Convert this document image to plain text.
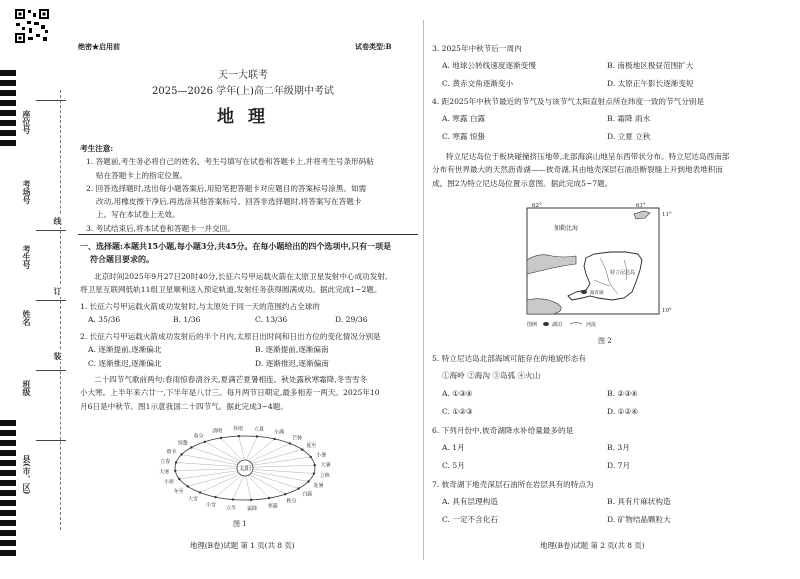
座位号
考场号
考生号
姓名
班级
县(市、区)
线
订
装
绝密★启用前	试卷类型:B
天一大联考
2025—2026 学年(上)高二年级期中考试
地 理
考生注意:
1. 答题前,考生务必将自己的姓名、考生号填写在试卷和答题卡上,并将考生号条形码粘
贴在答题卡上的指定位置。
2. 回答选择题时,选出每小题答案后,用铅笔把答题卡对应题目的答案标号涂黑。如需
改动,用橡皮擦干净后,再选涂其他答案标号。回答非选择题时,将答案写在答题卡
上。写在本试卷上无效。
3. 考试结束后,将本试卷和答题卡一并交回。
一、选择题:本题共15小题,每小题3分,共45分。在每小题给出的四个选项中,只有一项是
符合题目要求的。
北京时间2025年9月27日20时40分,长征六号甲运载火箭在太原卫星发射中心成功发射,
将卫星互联网低轨11组卫星顺利送入预定轨道,发射任务获得圆满成功。据此完成1~2题。
1. 长征六号甲运载火箭成功发射时,与太原处于同一天的范围约占全球的
A. 35/36	B. 1/36	C. 13/36	D. 29/36
2. 长征六号甲运载火箭成功发射后的半个月内,太原日出时间和日出方位的变化情况分别是
A. 逐渐提前,逐渐偏北	B. 逐渐提前,逐渐偏南
C. 逐渐推迟,逐渐偏北	D. 逐渐推迟,逐渐偏南
二十四节气歌前两句:春雨惊春清谷天,夏满芒夏暑相连。秋处露秋寒霜降,冬雪雪冬
小大寒。上半年来六廿一,下半年是八廿三。每月两节日期定,最多相差一两天。2025年10
月6日是中秋节。图1示意我国二十四节气。据此完成3~4题。
太阳
清明 谷雨 立夏
小满
芒种
夏至
小暑
大暑
立秋
处暑
白露
秋分
寒露
霜降
立冬
小雪
大雪
冬至
小寒
大寒
立春
雨水
惊蛰
春分
图 1
地理(B卷)试题 第 1 页(共 8 页)
3. 2025年中秋节后一周内
A. 地球公转线速度逐渐变慢	B. 南极地区极昼范围扩大
C. 黄赤交角逐渐变小	D. 太原正午影长逐渐变短
4. 距2025年中秋节最近的节气及与该节气太阳直射点所在纬度一致的节气分别是
A. 寒露 白露	B. 霜降 雨水
C. 寒露 惊蛰	D. 立夏 立秋
特立尼达岛位于板块碰撞挤压地带,北部海滨山地呈东西带状分布。特立尼达岛西南部
分布有世界最大的天然沥青湖——彼奇湖,其由地壳深层石油沿断裂缝上升到地表堆积而
成。图2为特立尼达岛位置示意图。据此完成5~7题。
62°	61°
11°
10°
加勒比海
特立尼达岛
彼奇湖
图例	湖泊	河流
图 2
5. 特立尼达岛北部海域可能存在的地貌形态有
①海岭 ②海沟 ③岛弧 ④火山
A. ①③④	B. ②③④
C. ①②③	D. ①②④
6. 下列月份中,彼奇湖降水补给量最多的是
A. 1月	B. 3月
C. 5月	D. 7月
7. 彼奇湖下地壳深层石油所在岩层具有的特点为
A. 具有层理构造	B. 具有片麻状构造
C. 一定不含化石	D. 矿物结晶颗粒大
地理(B卷)试题 第 2 页(共 8 页)
